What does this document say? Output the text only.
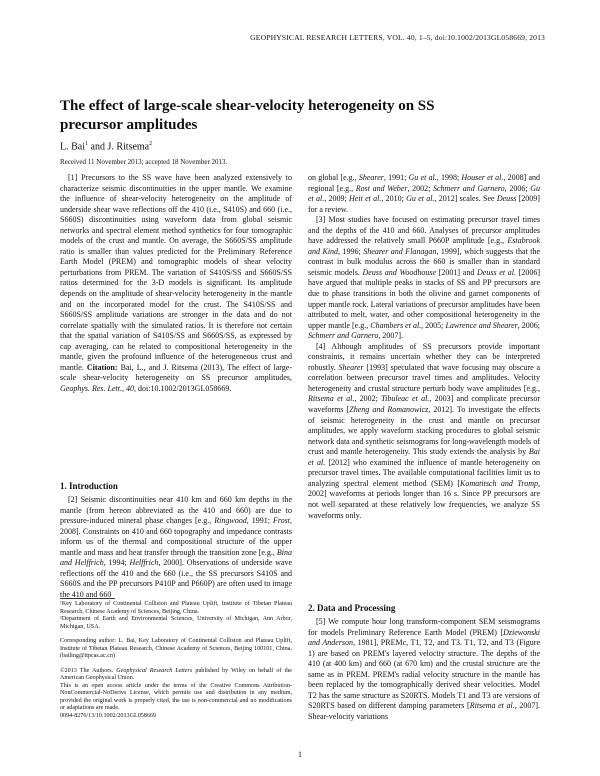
GEOPHYSICAL RESEARCH LETTERS, VOL. 40, 1–5, doi:10.1002/2013GL058669, 2013
The effect of large-scale shear-velocity heterogeneity on SS precursor amplitudes
L. Bai$^1$ and J. Ritsema$^2$
Received 11 November 2013; accepted 18 November 2013.

[1] Precursors to the SS wave have been analyzed extensively to characterize seismic discontinuities in the upper mantle. We examine the influence of shear-velocity heterogeneity on the amplitude of underside shear wave reflections off the 410 (i.e., S410S) and 660 (i.e., S660S) discontinuities using waveform data from global seismic networks and spectral element method synthetics for four tomographic models of the crust and mantle. On average, the S660S/SS amplitude ratio is smaller than values predicted for the Preliminary Reference Earth Model (PREM) and tomographic models of shear velocity perturbations from PREM. The variation of S410S/SS and S660S/SS ratios determined for the 3-D models is significant. Its amplitude depends on the amplitude of shear-velocity heterogeneity in the mantle and on the incorporated model for the crust. The S410S/SS and S660S/SS amplitude variations are stronger in the data and do not correlate spatially with the simulated ratios. It is therefore not certain that the spatial variation of S410S/SS and S660S/SS, as expressed by cap averaging, can be related to compositional heterogeneity in the mantle, given the profound influence of the heterogeneous crust and mantle. Citation: Bai, L., and J. Ritsema (2013), The effect of large-scale shear-velocity heterogeneity on SS precursor amplitudes, Geophys. Res. Lett., 40, doi:10.1002/2013GL058669.

1. Introduction

[2] Seismic discontinuities near 410 km and 660 km depths in the mantle (from hereon abbreviated as the 410 and 660) are due to pressure-induced mineral phase changes [e.g., Ringwood, 1991; Frost, 2008]. Constraints on 410 and 660 topography and impedance contrasts inform us of the thermal and compositional structure of the upper mantle and mass and heat transfer through the transition zone [e.g., Bina and Helffrich, 1994; Helffrich, 2000]. Observations of underside wave reflections off the 410 and the 660 (i.e., the SS precursors S410S and S660S and the PP precursors P410P and P660P) are often used to image the 410 and 660

¹Key Laboratory of Continental Collision and Plateau Uplift, Institute of Tibetan Plateau Research, Chinese Academy of Sciences, Beijing, China.

²Department of Earth and Environmental Sciences, University of Michigan, Ann Arbor, Michigan, USA.

Corresponding author: L. Bai, Key Laboratory of Continental Collision and Plateau Uplift, Institute of Tibetan Plateau Research, Chinese Academy of Sciences, Beijing 100101, China. (bailing@itpcas.ac.cn)

©2013 The Authors. Geophysical Research Letters published by Wiley on behalf of the American Geophysical Union.

This is an open access article under the terms of the Creative Commons Attribution-NonCommercial-NoDerivs License, which permits use and distribution in any medium, provided the original work is properly cited, the use is non-commercial and no modifications or adaptations are made.

0094-8276/13/10.1002/2013GL058669

on global [e.g., Shearer, 1991; Gu et al., 1998; Houser et al., 2008] and regional [e.g., Rost and Weber, 2002; Schmerr and Garnero, 2006; Gu et al., 2009; Heit et al., 2010; Gu et al., 2012] scales. See Deuss [2009] for a review.

[3] Most studies have focused on estimating precursor travel times and the depths of the 410 and 660. Analyses of precursor amplitudes have addressed the relatively small P660P amplitude [e.g., Estabrook and Kind, 1996; Shearer and Flanagan, 1999], which suggests that the contrast in bulk modulus across the 660 is smaller than in standard seismic models. Deuss and Woodhouse [2001] and Deuss et al. [2006] have argued that multiple peaks in stacks of SS and PP precursors are due to phase transitions in both the olivine and garnet components of upper mantle rock. Lateral variations of precursor amplitudes have been attributed to melt, water, and other compositional heterogeneity in the upper mantle [e.g., Chambers et al., 2005; Lawrence and Shearer, 2006; Schmerr and Garnero, 2007].

[4] Although amplitudes of SS precursors provide important constraints, it remains uncertain whether they can be interpreted robustly. Shearer [1993] speculated that wave focusing may obscure a correlation between precursor travel times and amplitudes. Velocity heterogeneity and crustal structure perturb body wave amplitudes [e.g., Ritsema et al., 2002; Tibuleac et al., 2003] and complicate precursor waveforms [Zheng and Romanowicz, 2012]. To investigate the effects of seismic heterogeneity in the crust and mantle on precursor amplitudes, we apply waveform stacking procedures to global seismic network data and synthetic seismograms for long-wavelength models of crust and mantle heterogeneity. This study extends the analysis by Bai et al. [2012] who examined the influence of mantle heterogeneity on precursor travel times. The available computational facilities limit us to analyzing spectral element method (SEM) [Komatitsch and Tromp, 2002] waveforms at periods longer than 16 s. Since PP precursors are not well separated at these relatively low frequencies, we analyze SS waveforms only.

2. Data and Processing

[5] We compute hour long transform-component SEM seismograms for models Preliminary Reference Earth Model (PREM) [Dziewonski and Anderson, 1981], PREMc, T1, T2, and T3. T1, T2, and T3 (Figure 1) are based on PREM's layered velocity structure. The depths of the 410 (at 400 km) and 660 (at 670 km) and the crustal structure are the same as in PREM. PREM's radial velocity structure in the mantle has been replaced by the tomographically derived shear velocities. Model T2 has the same structure as S20RTS. Models T1 and T3 are versions of S20RTS based on different damping parameters [Ritsema et al., 2007]. Shear-velocity variations

1
